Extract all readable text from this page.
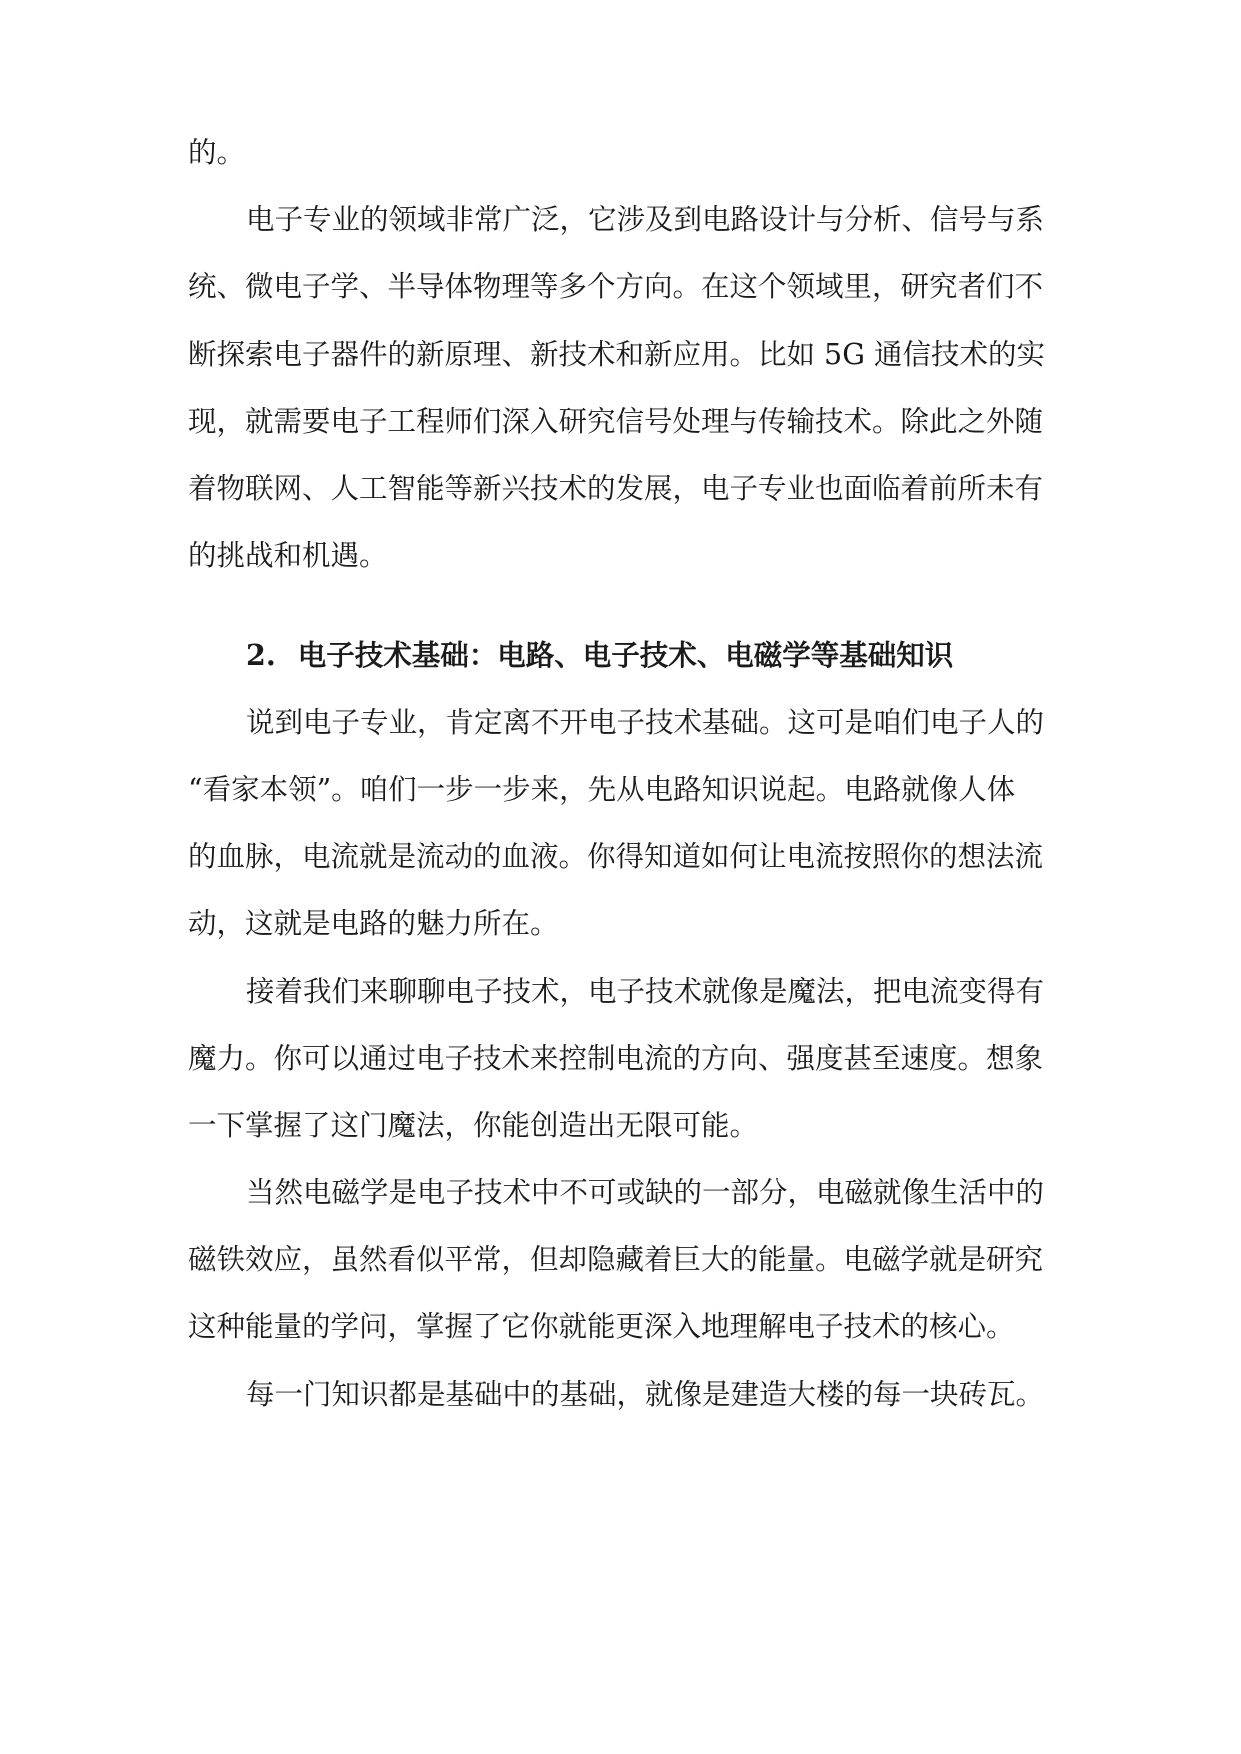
的。
电子专业的领域非常广泛，它涉及到电路设计与分析、信号与系
统、微电子学、半导体物理等多个方向。在这个领域里，研究者们不
断探索电子器件的新原理、新技术和新应用。比如 5G 通信技术的实
现，就需要电子工程师们深入研究信号处理与传输技术。除此之外随
着物联网、人工智能等新兴技术的发展，电子专业也面临着前所未有
的挑战和机遇。
2. 电子技术基础：电路、电子技术、电磁学等基础知识
说到电子专业，肯定离不开电子技术基础。这可是咱们电子人的
“看家本领”。咱们一步一步来，先从电路知识说起。电路就像人体
的血脉，电流就是流动的血液。你得知道如何让电流按照你的想法流
动，这就是电路的魅力所在。
接着我们来聊聊电子技术，电子技术就像是魔法，把电流变得有
魔力。你可以通过电子技术来控制电流的方向、强度甚至速度。想象
一下掌握了这门魔法，你能创造出无限可能。
当然电磁学是电子技术中不可或缺的一部分，电磁就像生活中的
磁铁效应，虽然看似平常，但却隐藏着巨大的能量。电磁学就是研究
这种能量的学问，掌握了它你就能更深入地理解电子技术的核心。
每一门知识都是基础中的基础，就像是建造大楼的每一块砖瓦。
